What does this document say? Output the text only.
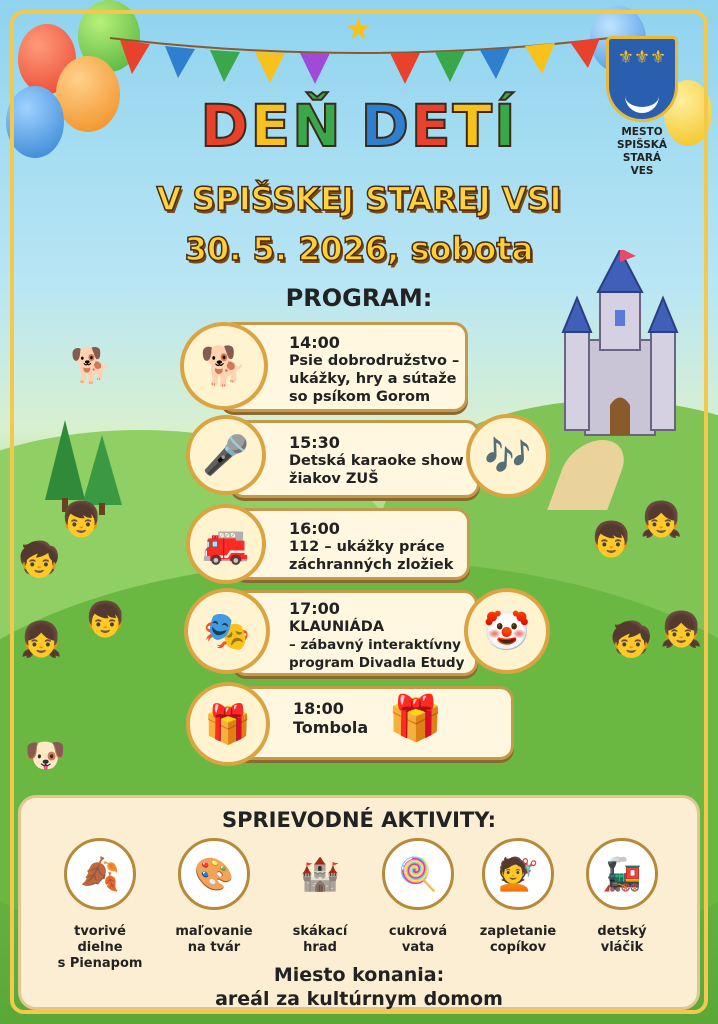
★
⚜⚜⚜
MESTO
SPIŠSKÁ STARÁ
VES
DEŇ DETÍ
V SPIŠSKEJ STAREJ VSI
30. 5. 2026, sobota
PROGRAM:
14:00
Psie dobrodružstvo –
ukážky, hry a sútaže
so psíkom Gorom
🐕
15:30
Detská karaoke show
žiakov ZUŠ
🎤	🎶
16:00
112 – ukážky práce
záchranných zložiek
🚒
17:00
KLAUNIÁDA
– zábavný interaktívny
program Divadla Etudy
🎭	🤡
18:00
Tombola
🎁	🎁
🧒
👦
👧 👦
👦 👧
🧒 👧
🐕
🐶
SPRIEVODNÉ AKTIVITY:
🍂
tvorivé dielne
s Pienapom
🎨
maľovanie
na tvár
🏰
skákací
hrad
🍭
cukrová
vata
💇
zapletanie
copíkov
🚂
detský
vláčik
Miesto konania:
areál za kultúrnym domom
